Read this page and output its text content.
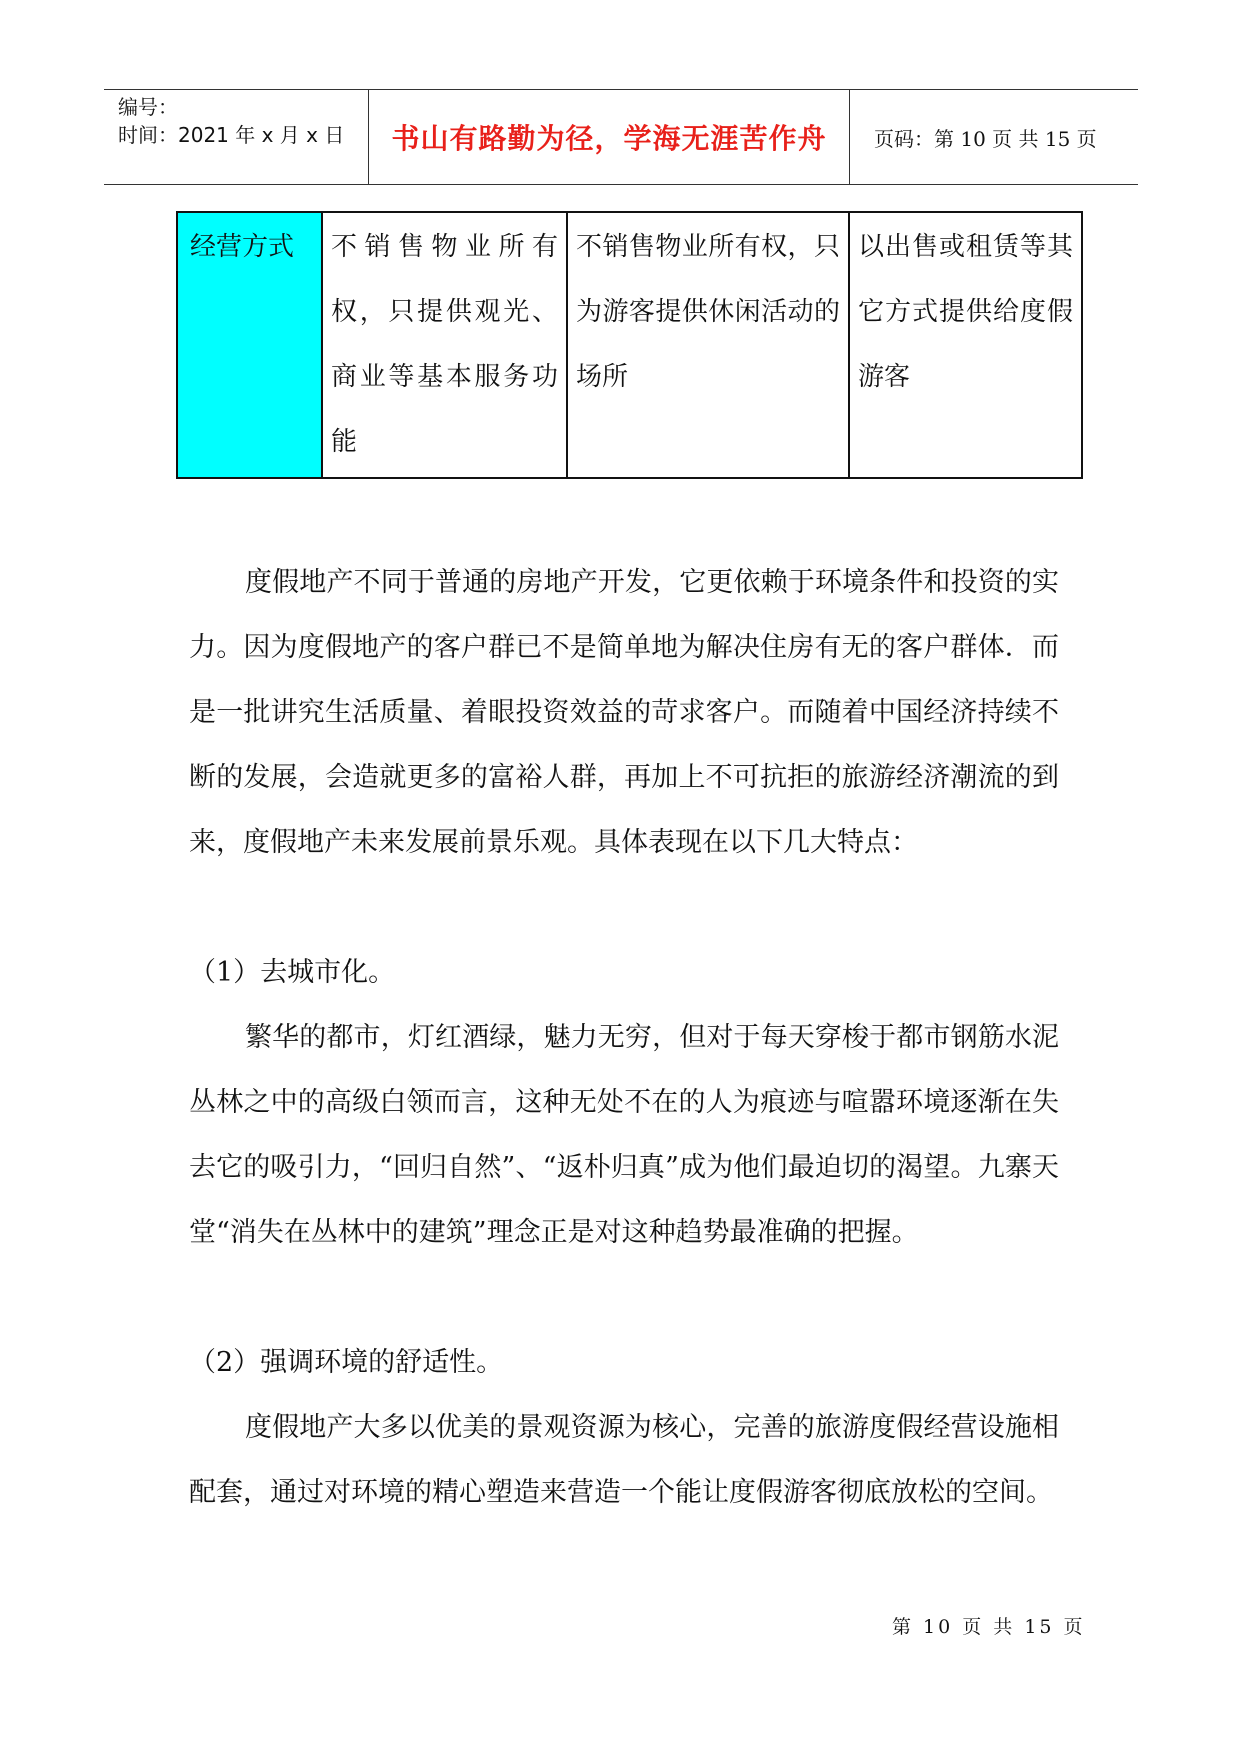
编号：
时间：2021 年 x 月 x 日	书山有路勤为径，学海无涯苦作舟	页码：第 10 页 共 15 页
经营方式	不销售物业所有权，只提供观光、商业等基本服务功能	不销售物业所有权，只为游客提供休闲活动的场所	以出售或租赁等其它方式提供给度假游客

度假地产不同于普通的房地产开发，它更依赖于环境条件和投资的实力。因为度假地产的客户群已不是简单地为解决住房有无的客户群体．而是一批讲究生活质量、着眼投资效益的苛求客户。而随着中国经济持续不断的发展，会造就更多的富裕人群，再加上不可抗拒的旅游经济潮流的到来，度假地产未来发展前景乐观。具体表现在以下几大特点：

（1）去城市化。

繁华的都市，灯红酒绿，魅力无穷，但对于每天穿梭于都市钢筋水泥丛林之中的高级白领而言，这种无处不在的人为痕迹与喧嚣环境逐渐在失去它的吸引力，“回归自然”、“返朴归真”成为他们最迫切的渴望。九寨天堂“消失在丛林中的建筑”理念正是对这种趋势最准确的把握。

（2）强调环境的舒适性。

度假地产大多以优美的景观资源为核心，完善的旅游度假经营设施相配套，通过对环境的精心塑造来营造一个能让度假游客彻底放松的空间。

第 10 页 共 15 页
